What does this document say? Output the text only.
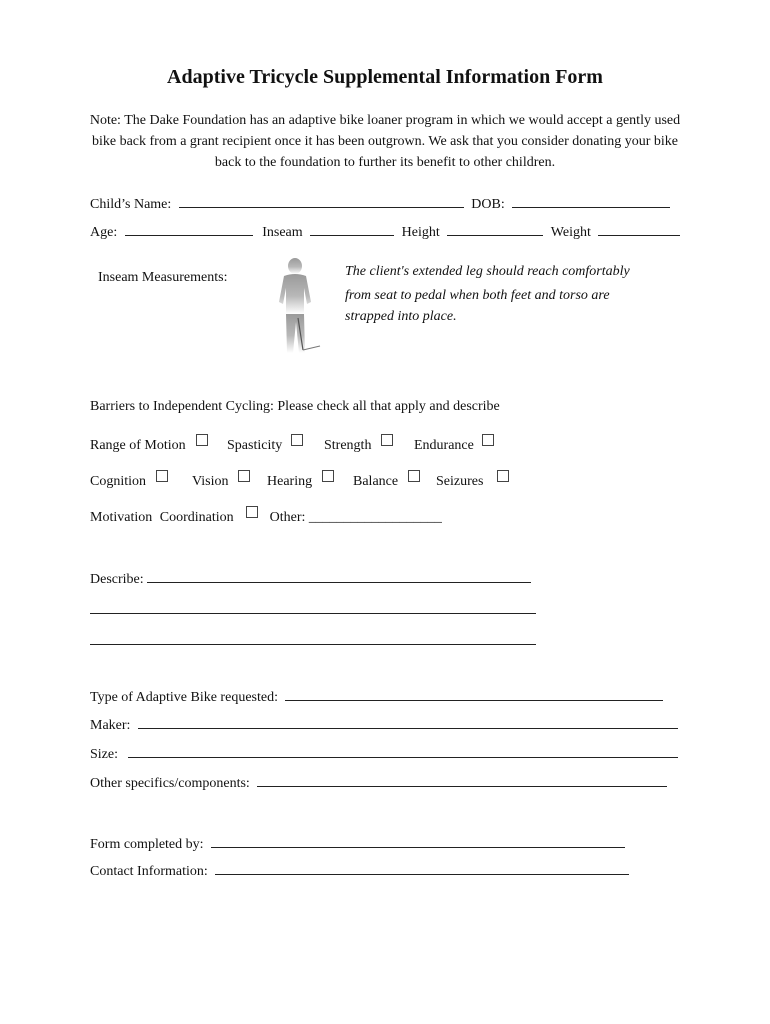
Adaptive Tricycle Supplemental Information Form
Note: The Dake Foundation has an adaptive bike loaner program in which we would accept a gently used bike back from a grant recipient once it has been outgrown. We ask that you consider donating your bike back to the foundation to further its benefit to other children.
Child’s Name:	DOB:
Age:	Inseam	Height	Weight
Inseam Measurements:	The client's extended leg should reach comfortably
from seat to pedal when both feet and torso are
strapped into place.
Barriers to Independent Cycling: Please check all that apply and describe
Range of Motion	Spasticity	Strength	Endurance
Cognition	Vision	Hearing	Balance	Seizures
Motivation Coordination	Other: ___________________
Describe:
Type of Adaptive Bike requested:
Maker:
Size:
Other specifics/components:
Form completed by:
Contact Information:
